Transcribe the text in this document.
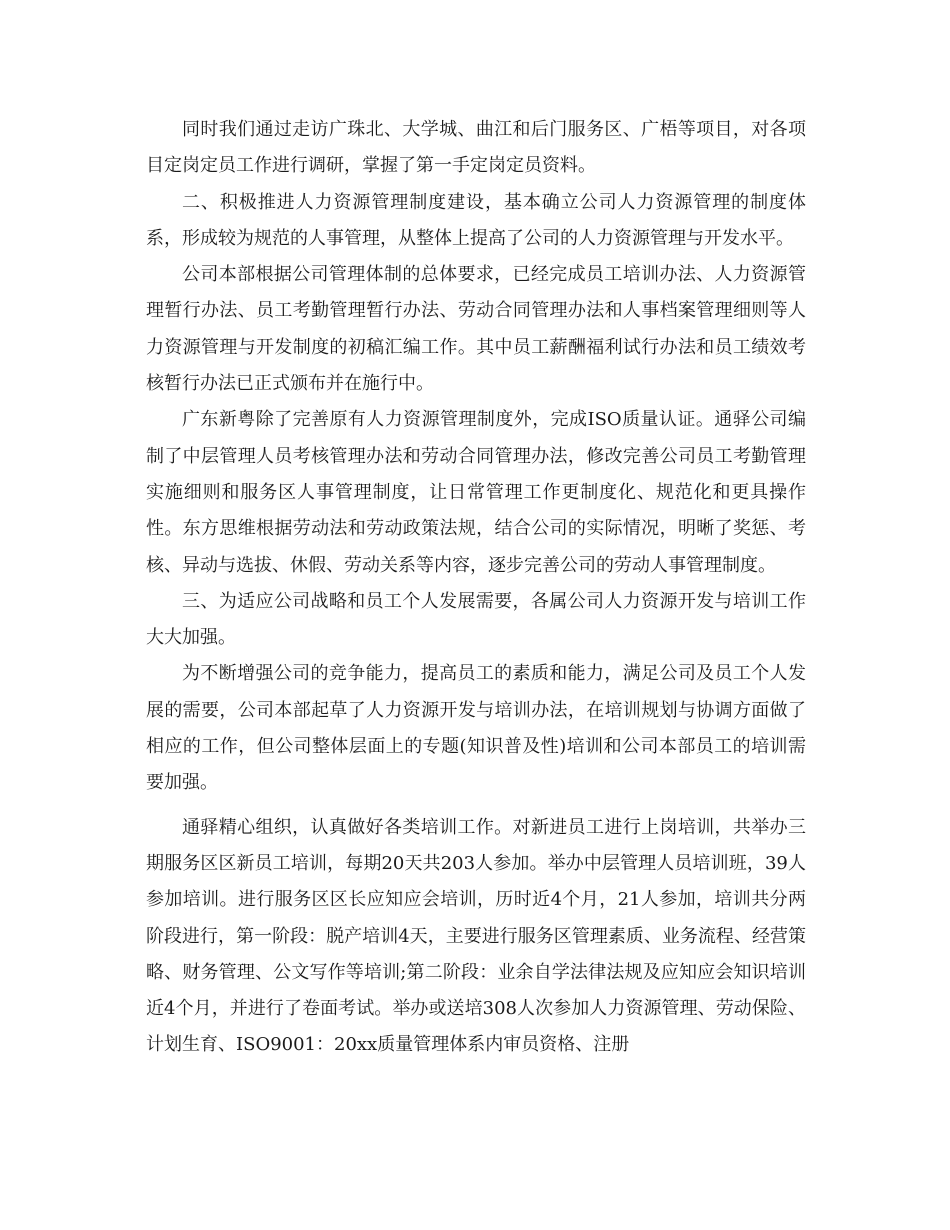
同时我们通过走访广珠北、大学城、曲江和后门服务区、广梧等项目，对各项目定岗定员工作进行调研，掌握了第一手定岗定员资料。

二、积极推进人力资源管理制度建设，基本确立公司人力资源管理的制度体系，形成较为规范的人事管理，从整体上提高了公司的人力资源管理与开发水平。

公司本部根据公司管理体制的总体要求，已经完成员工培训办法、人力资源管理暂行办法、员工考勤管理暂行办法、劳动合同管理办法和人事档案管理细则等人力资源管理与开发制度的初稿汇编工作。其中员工薪酬福利试行办法和员工绩效考核暂行办法已正式颁布并在施行中。

广东新粤除了完善原有人力资源管理制度外，完成ISO质量认证。通驿公司编制了中层管理人员考核管理办法和劳动合同管理办法，修改完善公司员工考勤管理实施细则和服务区人事管理制度，让日常管理工作更制度化、规范化和更具操作性。东方思维根据劳动法和劳动政策法规，结合公司的实际情况，明晰了奖惩、考核、异动与选拔、休假、劳动关系等内容，逐步完善公司的劳动人事管理制度。

三、为适应公司战略和员工个人发展需要，各属公司人力资源开发与培训工作大大加强。

为不断增强公司的竞争能力，提高员工的素质和能力，满足公司及员工个人发展的需要，公司本部起草了人力资源开发与培训办法，在培训规划与协调方面做了相应的工作，但公司整体层面上的专题(知识普及性)培训和公司本部员工的培训需要加强。

通驿精心组织，认真做好各类培训工作。对新进员工进行上岗培训，共举办三期服务区区新员工培训，每期20天共203人参加。举办中层管理人员培训班，39人参加培训。进行服务区区长应知应会培训，历时近4个月，21人参加，培训共分两阶段进行，第一阶段：脱产培训4天，主要进行服务区管理素质、业务流程、经营策略、财务管理、公文写作等培训;第二阶段：业余自学法律法规及应知应会知识培训近4个月，并进行了卷面考试。举办或送培308人次参加人力资源管理、劳动保险、计划生育、ISO9001：20xx质量管理体系内审员资格、注册
